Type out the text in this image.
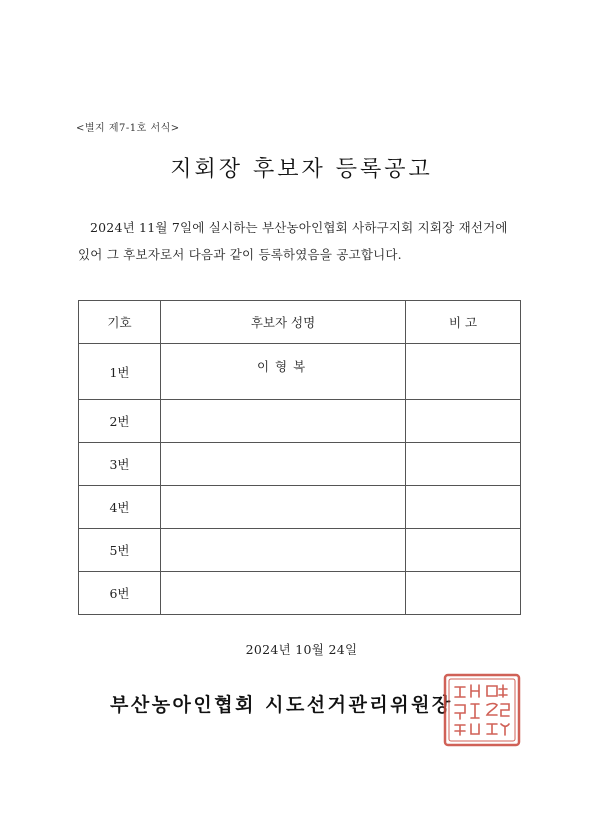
<별지 제7-1호 서식>
지회장 후보자 등록공고
2024년 11월 7일에 실시하는 부산농아인협회 사하구지회 지회장 재선거에 있어 그 후보자로서 다음과 같이 등록하였음을 공고합니다.
기호	후보자 성명	비 고
1번	이 형 복	
2번		
3번		
4번		
5번		
6번		
2024년 10월 24일
부산농아인협회 시도선거관리위원장
